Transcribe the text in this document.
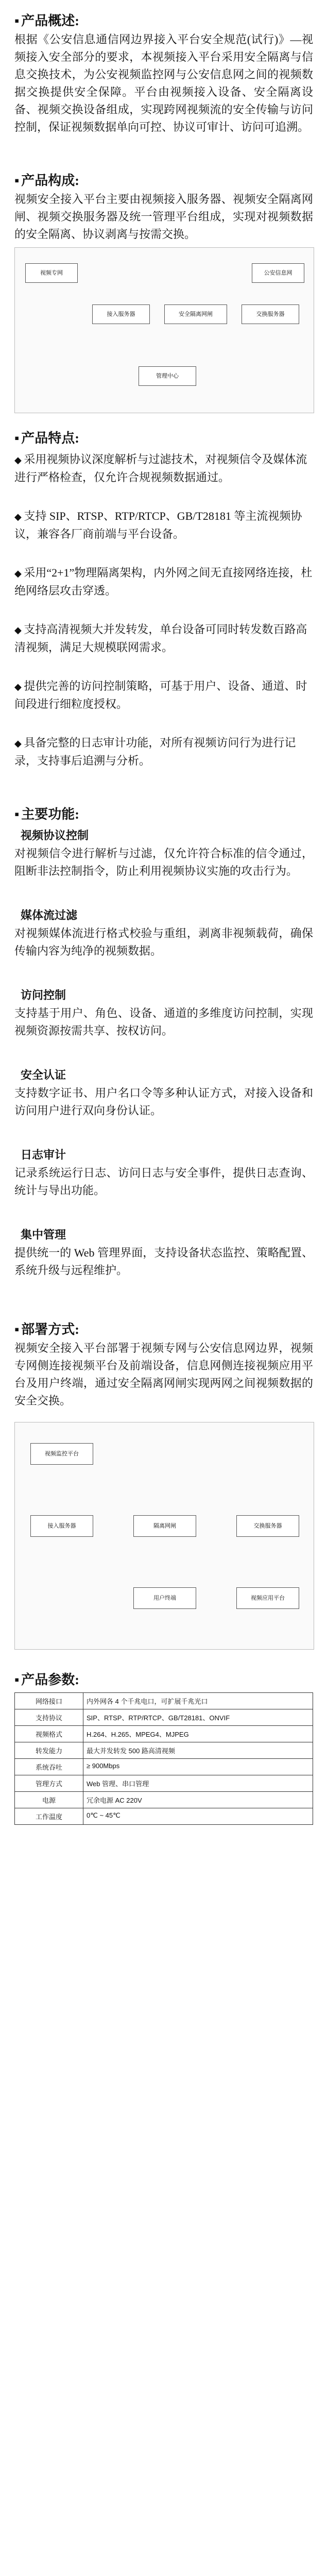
▪ 产品概述:
根据《公安信息通信网边界接入平台安全规范(试行)》—视频接入安全部分的要求，本视频接入平台采用安全隔离与信息交换技术，为公安视频监控网与公安信息网之间的视频数据交换提供安全保障。平台由视频接入设备、安全隔离设备、视频交换设备组成，实现跨网视频流的安全传输与访问控制，保证视频数据单向可控、协议可审计、访问可追溯。
▪ 产品构成:
视频安全接入平台主要由视频接入服务器、视频安全隔离网闸、视频交换服务器及统一管理平台组成，实现对视频数据的安全隔离、协议剥离与按需交换。
视频专网
接入服务器	安全隔离网闸	交换服务器
公安信息网
管理中心
▪ 产品特点:
◆ 采用视频协议深度解析与过滤技术，对视频信令及媒体流进行严格检查，仅允许合规视频数据通过。
◆ 支持 SIP、RTSP、RTP/RTCP、GB/T28181 等主流视频协议，兼容各厂商前端与平台设备。
◆ 采用“2+1”物理隔离架构，内外网之间无直接网络连接，杜绝网络层攻击穿透。
◆ 支持高清视频大并发转发，单台设备可同时转发数百路高清视频，满足大规模联网需求。
◆ 提供完善的访问控制策略，可基于用户、设备、通道、时间段进行细粒度授权。
◆ 具备完整的日志审计功能，对所有视频访问行为进行记录，支持事后追溯与分析。
▪ 主要功能:
视频协议控制
对视频信令进行解析与过滤，仅允许符合标准的信令通过，阻断非法控制指令，防止利用视频协议实施的攻击行为。
媒体流过滤
对视频媒体流进行格式校验与重组，剥离非视频载荷，确保传输内容为纯净的视频数据。
访问控制
支持基于用户、角色、设备、通道的多维度访问控制，实现视频资源按需共享、按权访问。
安全认证
支持数字证书、用户名口令等多种认证方式，对接入设备和访问用户进行双向身份认证。
日志审计
记录系统运行日志、访问日志与安全事件，提供日志查询、统计与导出功能。
集中管理
提供统一的 Web 管理界面，支持设备状态监控、策略配置、系统升级与远程维护。
▪ 部署方式:
视频安全接入平台部署于视频专网与公安信息网边界，视频专网侧连接视频平台及前端设备，信息网侧连接视频应用平台及用户终端，通过安全隔离网闸实现两网之间视频数据的安全交换。
视频监控平台
接入服务器	隔离网闸	交换服务器
视频应用平台
用户终端
▪ 产品参数:
网络接口	内外网各 4 个千兆电口，可扩展千兆光口
支持协议	SIP、RTSP、RTP/RTCP、GB/T28181、ONVIF
视频格式	H.264、H.265、MPEG4、MJPEG
转发能力	最大并发转发 500 路高清视频
系统吞吐	≥ 900Mbps
管理方式	Web 管理、串口管理
电源	冗余电源 AC 220V
工作温度	0℃ ~ 45℃
